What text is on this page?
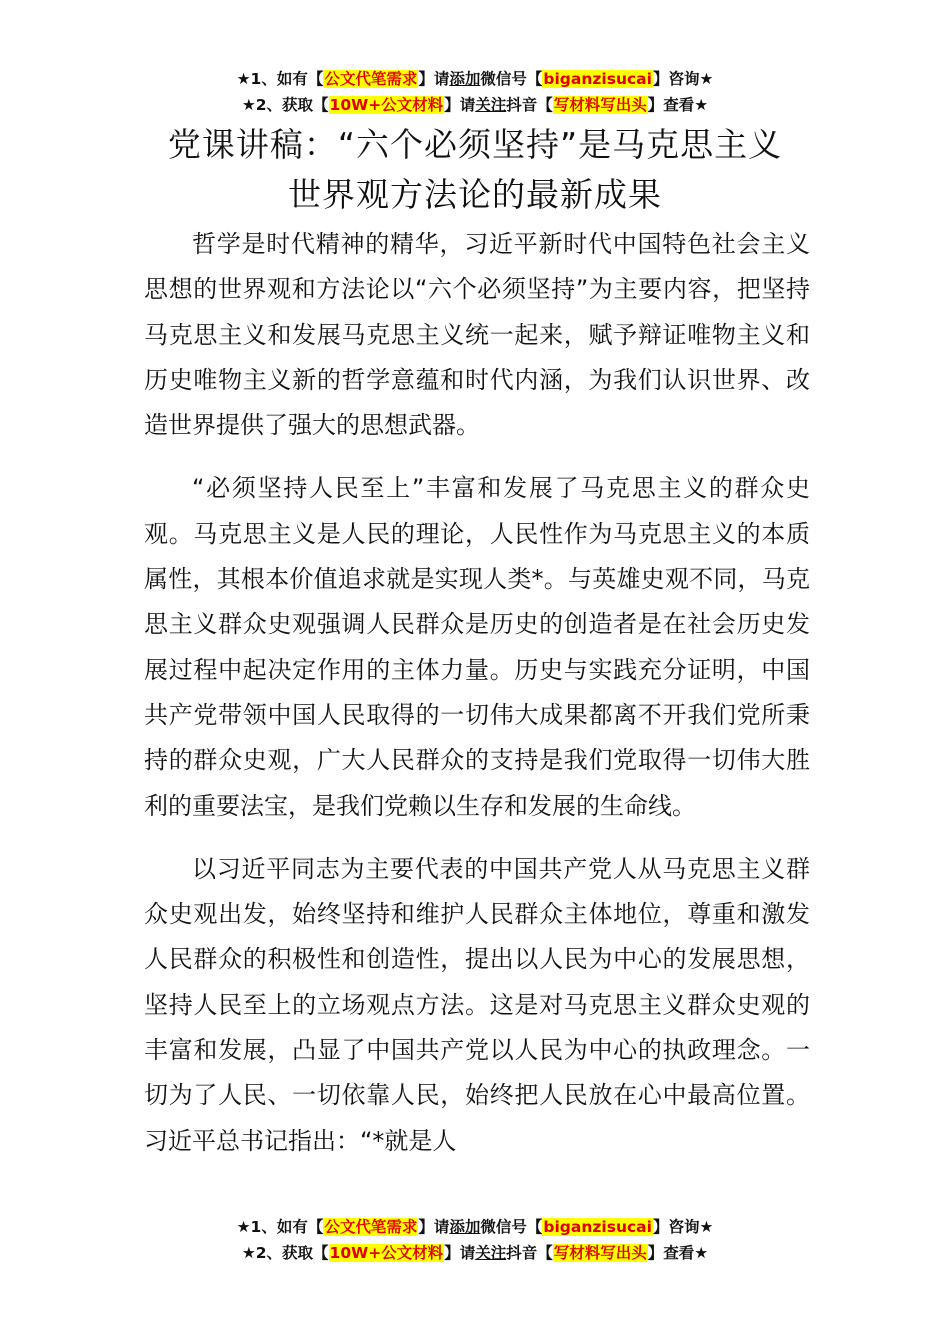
★1、如有【公文代笔需求】请添加微信号【biganzisucai】咨询★
★2、获取【10W+公文材料】请关注抖音【写材料写出头】查看★
党课讲稿：“六个必须坚持”是马克思主义
世界观方法论的最新成果

哲学是时代精神的精华，习近平新时代中国特色社会主义思想的世界观和方法论以“六个必须坚持”为主要内容，把坚持马克思主义和发展马克思主义统一起来，赋予辩证唯物主义和历史唯物主义新的哲学意蕴和时代内涵，为我们认识世界、改造世界提供了强大的思想武器。

“必须坚持人民至上”丰富和发展了马克思主义的群众史观。马克思主义是人民的理论，人民性作为马克思主义的本质属性，其根本价值追求就是实现人类*。与英雄史观不同，马克思主义群众史观强调人民群众是历史的创造者是在社会历史发展过程中起决定作用的主体力量。历史与实践充分证明，中国共产党带领中国人民取得的一切伟大成果都离不开我们党所秉持的群众史观，广大人民群众的支持是我们党取得一切伟大胜利的重要法宝，是我们党赖以生存和发展的生命线。

以习近平同志为主要代表的中国共产党人从马克思主义群众史观出发，始终坚持和维护人民群众主体地位，尊重和激发人民群众的积极性和创造性，提出以人民为中心的发展思想，坚持人民至上的立场观点方法。这是对马克思主义群众史观的丰富和发展，凸显了中国共产党以人民为中心的执政理念。一切为了人民、一切依靠人民，始终把人民放在心中最高位置。习近平总书记指出：“*就是人

★1、如有【公文代笔需求】请添加微信号【biganzisucai】咨询★
★2、获取【10W+公文材料】请关注抖音【写材料写出头】查看★
